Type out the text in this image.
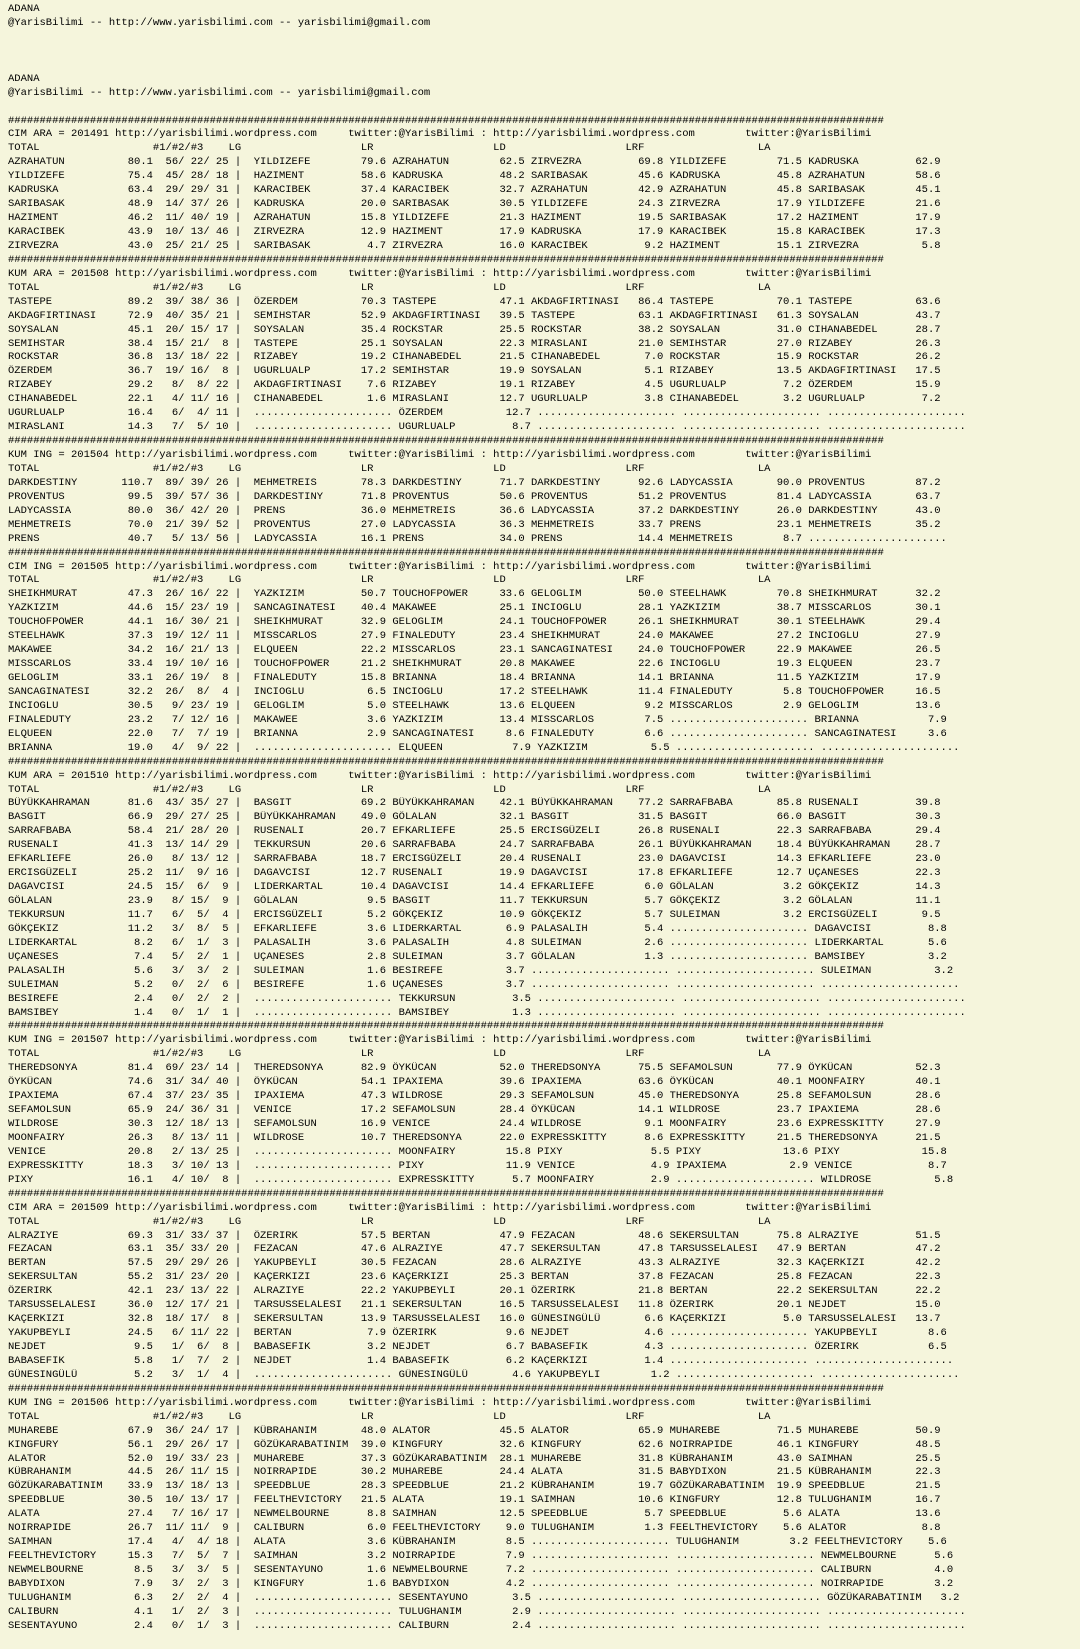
ADANA
@YarisBilimi -- http://www.yarisbilimi.com -- yarisbilimi@gmail.com
ADANA
@YarisBilimi -- http://www.yarisbilimi.com -- yarisbilimi@gmail.com
###########################################################################################################################################
CIM ARA = 201491 http://yarisbilimi.wordpress.com     twitter:@YarisBilimi : http://yarisbilimi.wordpress.com        twitter:@YarisBilimi
TOTAL                  #1/#2/#3    LG                   LR                   LD                   LRF                  LA
AZRAHATUN          80.1  56/ 22/ 25 |  YILDIZEFE        79.6 AZRAHATUN        62.5 ZIRVEZRA         69.8 YILDIZEFE        71.5 KADRUSKA         62.9
YILDIZEFE          75.4  45/ 28/ 18 |  HAZIMENT         58.6 KADRUSKA         48.2 SARIBASAK        45.6 KADRUSKA         45.8 AZRAHATUN        58.6
KADRUSKA           63.4  29/ 29/ 31 |  KARACIBEK        37.4 KARACIBEK        32.7 AZRAHATUN        42.9 AZRAHATUN        45.8 SARIBASAK        45.1
SARIBASAK          48.9  14/ 37/ 26 |  KADRUSKA         20.0 SARIBASAK        30.5 YILDIZEFE        24.3 ZIRVEZRA         17.9 YILDIZEFE        21.6
HAZIMENT           46.2  11/ 40/ 19 |  AZRAHATUN        15.8 YILDIZEFE        21.3 HAZIMENT         19.5 SARIBASAK        17.2 HAZIMENT         17.9
KARACIBEK          43.9  10/ 13/ 46 |  ZIRVEZRA         12.9 HAZIMENT         17.9 KADRUSKA         17.9 KARACIBEK        15.8 KARACIBEK        17.3
ZIRVEZRA           43.0  25/ 21/ 25 |  SARIBASAK         4.7 ZIRVEZRA         16.0 KARACIBEK         9.2 HAZIMENT         15.1 ZIRVEZRA          5.8
###########################################################################################################################################
KUM ARA = 201508 http://yarisbilimi.wordpress.com     twitter:@YarisBilimi : http://yarisbilimi.wordpress.com        twitter:@YarisBilimi
TOTAL                  #1/#2/#3    LG                   LR                   LD                   LRF                  LA
TASTEPE            89.2  39/ 38/ 36 |  ÖZERDEM          70.3 TASTEPE          47.1 AKDAGFIRTINASI   86.4 TASTEPE          70.1 TASTEPE          63.6
AKDAGFIRTINASI     72.9  40/ 35/ 21 |  SEMIHSTAR        52.9 AKDAGFIRTINASI   39.5 TASTEPE          63.1 AKDAGFIRTINASI   61.3 SOYSALAN         43.7
SOYSALAN           45.1  20/ 15/ 17 |  SOYSALAN         35.4 ROCKSTAR         25.5 ROCKSTAR         38.2 SOYSALAN         31.0 CIHANABEDEL      28.7
SEMIHSTAR          38.4  15/ 21/  8 |  TASTEPE          25.1 SOYSALAN         22.3 MIRASLANI        21.0 SEMIHSTAR        27.0 RIZABEY          26.3
ROCKSTAR           36.8  13/ 18/ 22 |  RIZABEY          19.2 CIHANABEDEL      21.5 CIHANABEDEL       7.0 ROCKSTAR         15.9 ROCKSTAR         26.2
ÖZERDEM            36.7  19/ 16/  8 |  UGURLUALP        17.2 SEMIHSTAR        19.9 SOYSALAN          5.1 RIZABEY          13.5 AKDAGFIRTINASI   17.5
RIZABEY            29.2   8/  8/ 22 |  AKDAGFIRTINASI    7.6 RIZABEY          19.1 RIZABEY           4.5 UGURLUALP         7.2 ÖZERDEM          15.9
CIHANABEDEL        22.1   4/ 11/ 16 |  CIHANABEDEL       1.6 MIRASLANI        12.7 UGURLUALP         3.8 CIHANABEDEL       3.2 UGURLUALP         7.2
UGURLUALP          16.4   6/  4/ 11 |  ...................... ÖZERDEM          12.7 ...................... ...................... ......................
MIRASLANI          14.3   7/  5/ 10 |  ...................... UGURLUALP         8.7 ...................... ...................... ......................
###########################################################################################################################################
KUM ING = 201504 http://yarisbilimi.wordpress.com     twitter:@YarisBilimi : http://yarisbilimi.wordpress.com        twitter:@YarisBilimi
TOTAL                  #1/#2/#3    LG                   LR                   LD                   LRF                  LA
DARKDESTINY       110.7  89/ 39/ 26 |  MEHMETREIS       78.3 DARKDESTINY      71.7 DARKDESTINY      92.6 LADYCASSIA       90.0 PROVENTUS        87.2
PROVENTUS          99.5  39/ 57/ 36 |  DARKDESTINY      71.8 PROVENTUS        50.6 PROVENTUS        51.2 PROVENTUS        81.4 LADYCASSIA       63.7
LADYCASSIA         80.0  36/ 42/ 20 |  PRENS            36.0 MEHMETREIS       36.6 LADYCASSIA       37.2 DARKDESTINY      26.0 DARKDESTINY      43.0
MEHMETREIS         70.0  21/ 39/ 52 |  PROVENTUS        27.0 LADYCASSIA       36.3 MEHMETREIS       33.7 PRENS            23.1 MEHMETREIS       35.2
PRENS              40.7   5/ 13/ 56 |  LADYCASSIA       16.1 PRENS            34.0 PRENS            14.4 MEHMETREIS        8.7 ......................
###########################################################################################################################################
CIM ING = 201505 http://yarisbilimi.wordpress.com     twitter:@YarisBilimi : http://yarisbilimi.wordpress.com        twitter:@YarisBilimi
TOTAL                  #1/#2/#3    LG                   LR                   LD                   LRF                  LA
SHEIKHMURAT        47.3  26/ 16/ 22 |  YAZKIZIM         50.7 TOUCHOFPOWER     33.6 GELOGLIM         50.0 STEELHAWK        70.8 SHEIKHMURAT      32.2
YAZKIZIM           44.6  15/ 23/ 19 |  SANCAGINATESI    40.4 MAKAWEE          25.1 INCIOGLU         28.1 YAZKIZIM         38.7 MISSCARLOS       30.1
TOUCHOFPOWER       44.1  16/ 30/ 21 |  SHEIKHMURAT      32.9 GELOGLIM         24.1 TOUCHOFPOWER     26.1 SHEIKHMURAT      30.1 STEELHAWK        29.4
STEELHAWK          37.3  19/ 12/ 11 |  MISSCARLOS       27.9 FINALEDUTY       23.4 SHEIKHMURAT      24.0 MAKAWEE          27.2 INCIOGLU         27.9
MAKAWEE            34.2  16/ 21/ 13 |  ELQUEEN          22.2 MISSCARLOS       23.1 SANCAGINATESI    24.0 TOUCHOFPOWER     22.9 MAKAWEE          26.5
MISSCARLOS         33.4  19/ 10/ 16 |  TOUCHOFPOWER     21.2 SHEIKHMURAT      20.8 MAKAWEE          22.6 INCIOGLU         19.3 ELQUEEN          23.7
GELOGLIM           33.1  26/ 19/  8 |  FINALEDUTY       15.8 BRIANNA          18.4 BRIANNA          14.1 BRIANNA          11.5 YAZKIZIM         17.9
SANCAGINATESI      32.2  26/  8/  4 |  INCIOGLU          6.5 INCIOGLU         17.2 STEELHAWK        11.4 FINALEDUTY        5.8 TOUCHOFPOWER     16.5
INCIOGLU           30.5   9/ 23/ 19 |  GELOGLIM          5.0 STEELHAWK        13.6 ELQUEEN           9.2 MISSCARLOS        2.9 GELOGLIM         13.6
FINALEDUTY         23.2   7/ 12/ 16 |  MAKAWEE           3.6 YAZKIZIM         13.4 MISSCARLOS        7.5 ...................... BRIANNA           7.9
ELQUEEN            22.0   7/  7/ 19 |  BRIANNA           2.9 SANCAGINATESI     8.6 FINALEDUTY        6.6 ...................... SANCAGINATESI     3.6
BRIANNA            19.0   4/  9/ 22 |  ...................... ELQUEEN           7.9 YAZKIZIM          5.5 ...................... ......................
###########################################################################################################################################
KUM ARA = 201510 http://yarisbilimi.wordpress.com     twitter:@YarisBilimi : http://yarisbilimi.wordpress.com        twitter:@YarisBilimi
TOTAL                  #1/#2/#3    LG                   LR                   LD                   LRF                  LA
BÜYÜKKAHRAMAN      81.6  43/ 35/ 27 |  BASGIT           69.2 BÜYÜKKAHRAMAN    42.1 BÜYÜKKAHRAMAN    77.2 SARRAFBABA       85.8 RUSENALI         39.8
BASGIT             66.9  29/ 27/ 25 |  BÜYÜKKAHRAMAN    49.0 GÖLALAN          32.1 BASGIT           31.5 BASGIT           66.0 BASGIT           30.3
SARRAFBABA         58.4  21/ 28/ 20 |  RUSENALI         20.7 EFKARLIEFE       25.5 ERCISGÜZELI      26.8 RUSENALI         22.3 SARRAFBABA       29.4
RUSENALI           41.3  13/ 14/ 29 |  TEKKURSUN        20.6 SARRAFBABA       24.7 SARRAFBABA       26.1 BÜYÜKKAHRAMAN    18.4 BÜYÜKKAHRAMAN    28.7
EFKARLIEFE         26.0   8/ 13/ 12 |  SARRAFBABA       18.7 ERCISGÜZELI      20.4 RUSENALI         23.0 DAGAVCISI        14.3 EFKARLIEFE       23.0
ERCISGÜZELI        25.2  11/  9/ 16 |  DAGAVCISI        12.7 RUSENALI         19.9 DAGAVCISI        17.8 EFKARLIEFE       12.7 UÇANESES         22.3
DAGAVCISI          24.5  15/  6/  9 |  LIDERKARTAL      10.4 DAGAVCISI        14.4 EFKARLIEFE        6.0 GÖLALAN           3.2 GÖKÇEKIZ         14.3
GÖLALAN            23.9   8/ 15/  9 |  GÖLALAN           9.5 BASGIT           11.7 TEKKURSUN         5.7 GÖKÇEKIZ          3.2 GÖLALAN          11.1
TEKKURSUN          11.7   6/  5/  4 |  ERCISGÜZELI       5.2 GÖKÇEKIZ         10.9 GÖKÇEKIZ          5.7 SULEIMAN          3.2 ERCISGÜZELI       9.5
GÖKÇEKIZ           11.2   3/  8/  5 |  EFKARLIEFE        3.6 LIDERKARTAL       6.9 PALASALIH         5.4 ...................... DAGAVCISI         8.8
LIDERKARTAL         8.2   6/  1/  3 |  PALASALIH         3.6 PALASALIH         4.8 SULEIMAN          2.6 ...................... LIDERKARTAL       5.6
UÇANESES            7.4   5/  2/  1 |  UÇANESES          2.8 SULEIMAN          3.7 GÖLALAN           1.3 ...................... BAMSIBEY          3.2
PALASALIH           5.6   3/  3/  2 |  SULEIMAN          1.6 BESIREFE          3.7 ...................... ...................... SULEIMAN          3.2
SULEIMAN            5.2   0/  2/  6 |  BESIREFE          1.6 UÇANESES          3.7 ...................... ...................... ......................
BESIREFE            2.4   0/  2/  2 |  ...................... TEKKURSUN         3.5 ...................... ...................... ......................
BAMSIBEY            1.4   0/  1/  1 |  ...................... BAMSIBEY          1.3 ...................... ...................... ......................
###########################################################################################################################################
KUM ING = 201507 http://yarisbilimi.wordpress.com     twitter:@YarisBilimi : http://yarisbilimi.wordpress.com        twitter:@YarisBilimi
TOTAL                  #1/#2/#3    LG                   LR                   LD                   LRF                  LA
THEREDSONYA        81.4  69/ 23/ 14 |  THEREDSONYA      82.9 ÖYKÜCAN          52.0 THEREDSONYA      75.5 SEFAMOLSUN       77.9 ÖYKÜCAN          52.3
ÖYKÜCAN            74.6  31/ 34/ 40 |  ÖYKÜCAN          54.1 IPAXIEMA         39.6 IPAXIEMA         63.6 ÖYKÜCAN          40.1 MOONFAIRY        40.1
IPAXIEMA           67.4  37/ 23/ 35 |  IPAXIEMA         47.3 WILDROSE         29.3 SEFAMOLSUN       45.0 THEREDSONYA      25.8 SEFAMOLSUN       28.6
SEFAMOLSUN         65.9  24/ 36/ 31 |  VENICE           17.2 SEFAMOLSUN       28.4 ÖYKÜCAN          14.1 WILDROSE         23.7 IPAXIEMA         28.6
WILDROSE           30.3  12/ 18/ 13 |  SEFAMOLSUN       16.9 VENICE           24.4 WILDROSE          9.1 MOONFAIRY        23.6 EXPRESSKITTY     27.9
MOONFAIRY          26.3   8/ 13/ 11 |  WILDROSE         10.7 THEREDSONYA      22.0 EXPRESSKITTY      8.6 EXPRESSKITTY     21.5 THEREDSONYA      21.5
VENICE             20.8   2/ 13/ 25 |  ...................... MOONFAIRY        15.8 PIXY              5.5 PIXY             13.6 PIXY             15.8
EXPRESSKITTY       18.3   3/ 10/ 13 |  ...................... PIXY             11.9 VENICE            4.9 IPAXIEMA          2.9 VENICE            8.7
PIXY               16.1   4/ 10/  8 |  ...................... EXPRESSKITTY      5.7 MOONFAIRY         2.9 ...................... WILDROSE          5.8
###########################################################################################################################################
CIM ARA = 201509 http://yarisbilimi.wordpress.com     twitter:@YarisBilimi : http://yarisbilimi.wordpress.com        twitter:@YarisBilimi
TOTAL                  #1/#2/#3    LG                   LR                   LD                   LRF                  LA
ALRAZIYE           69.3  31/ 33/ 37 |  ÖZERIRK          57.5 BERTAN           47.9 FEZACAN          48.6 SEKERSULTAN      75.8 ALRAZIYE         51.5
FEZACAN            63.1  35/ 33/ 20 |  FEZACAN          47.6 ALRAZIYE         47.7 SEKERSULTAN      47.8 TARSUSSELALESI   47.9 BERTAN           47.2
BERTAN             57.5  29/ 29/ 26 |  YAKUPBEYLI       30.5 FEZACAN          28.6 ALRAZIYE         43.3 ALRAZIYE         32.3 KAÇERKIZI        42.2
SEKERSULTAN        55.2  31/ 23/ 20 |  KAÇERKIZI        23.6 KAÇERKIZI        25.3 BERTAN           37.8 FEZACAN          25.8 FEZACAN          22.3
ÖZERIRK            42.1  23/ 13/ 22 |  ALRAZIYE         22.2 YAKUPBEYLI       20.1 ÖZERIRK          21.8 BERTAN           22.2 SEKERSULTAN      22.2
TARSUSSELALESI     36.0  12/ 17/ 21 |  TARSUSSELALESI   21.1 SEKERSULTAN      16.5 TARSUSSELALESI   11.8 ÖZERIRK          20.1 NEJDET           15.0
KAÇERKIZI          32.8  18/ 17/  8 |  SEKERSULTAN      13.9 TARSUSSELALESI   16.0 GÜNESINGÜLÜ       6.6 KAÇERKIZI         5.0 TARSUSSELALESI   13.7
YAKUPBEYLI         24.5   6/ 11/ 22 |  BERTAN            7.9 ÖZERIRK           9.6 NEJDET            4.6 ...................... YAKUPBEYLI        8.6
NEJDET              9.5   1/  6/  8 |  BABASEFIK         3.2 NEJDET            6.7 BABASEFIK         4.3 ...................... ÖZERIRK           6.5
BABASEFIK           5.8   1/  7/  2 |  NEJDET            1.4 BABASEFIK         6.2 KAÇERKIZI         1.4 ...................... ......................
GÜNESINGÜLÜ         5.2   3/  1/  4 |  ...................... GÜNESINGÜLÜ       4.6 YAKUPBEYLI        1.2 ...................... ......................
###########################################################################################################################################
KUM ING = 201506 http://yarisbilimi.wordpress.com     twitter:@YarisBilimi : http://yarisbilimi.wordpress.com        twitter:@YarisBilimi
TOTAL                  #1/#2/#3    LG                   LR                   LD                   LRF                  LA
MUHAREBE           67.9  36/ 24/ 17 |  KÜBRAHANIM       48.0 ALATOR           45.5 ALATOR           65.9 MUHAREBE         71.5 MUHAREBE         50.9
KINGFURY           56.1  29/ 26/ 17 |  GÖZÜKARABATINIM  39.0 KINGFURY         32.6 KINGFURY         62.6 NOIRRAPIDE       46.1 KINGFURY         48.5
ALATOR             52.0  19/ 33/ 23 |  MUHAREBE         37.3 GÖZÜKARABATINIM  28.1 MUHAREBE         31.8 KÜBRAHANIM       43.0 SAIMHAN          25.5
KÜBRAHANIM         44.5  26/ 11/ 15 |  NOIRRAPIDE       30.2 MUHAREBE         24.4 ALATA            31.5 BABYDIXON        21.5 KÜBRAHANIM       22.3
GÖZÜKARABATINIM    33.9  13/ 18/ 13 |  SPEEDBLUE        28.3 SPEEDBLUE        21.2 KÜBRAHANIM       19.7 GÖZÜKARABATINIM  19.9 SPEEDBLUE        21.5
SPEEDBLUE          30.5  10/ 13/ 17 |  FEELTHEVICTORY   21.5 ALATA            19.1 SAIMHAN          10.6 KINGFURY         12.8 TULUGHANIM       16.7
ALATA              27.4   7/ 16/ 17 |  NEWMELBOURNE      8.8 SAIMHAN          12.5 SPEEDBLUE         5.7 SPEEDBLUE         5.6 ALATA            13.6
NOIRRAPIDE         26.7  11/ 11/  9 |  CALIBURN          6.0 FEELTHEVICTORY    9.0 TULUGHANIM        1.3 FEELTHEVICTORY    5.6 ALATOR            8.8
SAIMHAN            17.4   4/  4/ 18 |  ALATA             3.6 KÜBRAHANIM        8.5 ...................... TULUGHANIM        3.2 FEELTHEVICTORY    5.6
FEELTHEVICTORY     15.3   7/  5/  7 |  SAIMHAN           3.2 NOIRRAPIDE        7.9 ...................... ...................... NEWMELBOURNE      5.6
NEWMELBOURNE        8.5   3/  3/  5 |  SESENTAYUNO       1.6 NEWMELBOURNE      7.2 ...................... ...................... CALIBURN          4.0
BABYDIXON           7.9   3/  2/  3 |  KINGFURY          1.6 BABYDIXON         4.2 ...................... ...................... NOIRRAPIDE        3.2
TULUGHANIM          6.3   2/  2/  4 |  ...................... SESENTAYUNO       3.5 ...................... ...................... GÖZÜKARABATINIM   3.2
CALIBURN            4.1   1/  2/  3 |  ...................... TULUGHANIM        2.9 ...................... ...................... ......................
SESENTAYUNO         2.4   0/  1/  3 |  ...................... CALIBURN          2.4 ...................... ...................... ......................
